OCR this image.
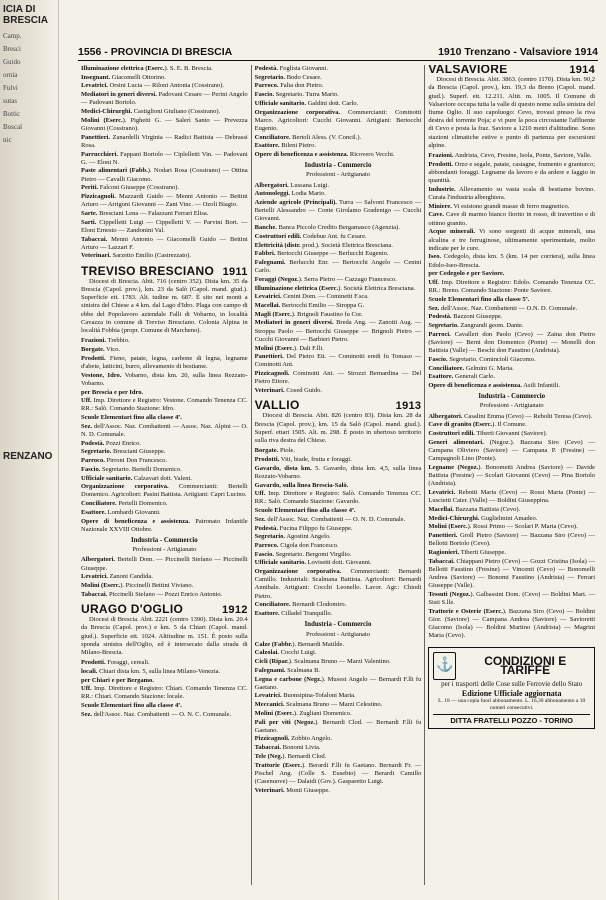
ICIA DI BRESCIA
Camp.
Bresci
Guido
ornia
Fulvi
sutas
Bottic
Boscal
nic
RENZANO
1556 - PROVINCIA DI BRESCIA	1910 Trenzano - Valsaviore 1914
Illuminazione elettrica (Eserc.). S. E. B. Brescia.
Insegnant. Giacomelli Ottorino.
Levatrici. Orsini Lucia — Riloni Antonia (Cossirano).
Mediatori in generi diversi. Padovani Cesare — Perini Angelo — Padovani Bortolo.
Medici-Chirurghi. Castiglioni Giuliano (Cossirano).
Molini (Eserc.). Pighetti G. — Salerì Santo — Prevezza Giovanni (Cossirano).
Panettieri. Zanardelli Virginia — Radici Battista — Debrassi Rosa.
Parrucchieri. Fappani Bortolo — Ciplelletti Vin. — Padovani G. — Eloni N.
Paste alimentari (Fabb.). Nodari Rosa (Cossirano) — Ottina Pietro — Cavalli Giacomo.
Periti. Falconi Giuseppe (Cossirano).
Pizzicagnoli. Mazzardi Guido — Menni Antonio — Bettini Arturo — Arrigoni Giovanni — Zani Vinc. — Ozoli Biagio.
Sarte. Bresciani Lena — Falazzani Ferrari Elisa.
Sarti. Cippelletti Luigi — Cippelletti V. — Parvini Bort. — Eloni Ernesto — Zandonini Val.
Tabaccai. Menni Antonio — Giacomelli Guido — Bettini Arturo — Lazzari F.
Veterinari. Sarzetto Emilio (Castrezzato).
TREVISO BRESCIANO 1911
Diocesi di Brescia. Abit. 716 (centro 352). Dista km. 35 da Brescia (Capol. prov.), km. 23 da Salò (Capol. mand. giud.). Superficie ett. 1783. Alt. tudine m. 687. È sito nei monti a sinistra del Chiese a 4 km. dal Lago d'Idro. Plaga con campo di ebbe del Popolavoro aziendale Falli di Vobarno, in località Cavazza in comune di Treviso Bresciano. Colonia Alpina in località Fobbia (propr. Comune di Marcheno).
Frazioni. Trebbio.
Borgate. Vico.
Prodotti. Fieno, patate, legna, carbone di legna, legname d'abete, latticini, burro, allevamento di bestiame.
Vestone, Idro. Vobarno, dista km. 20, sulla linea Rezzato-Vobarno.
per Brescia e per Idro.
Uff. Imp. Direttore e Registro: Vestone. Comando Tenenza CC. RR.: Salò. Comando Stazione: Idro.
Scuole Elementari fino alla classe 4ª.
Sez. dell'Assoc. Naz. Combattenti — Assoc. Naz. Alpini — O. N. D. Comunale.
Podestà. Pozzi Enrico.
Segretario. Bresciani Giuseppe.
Parroco. Pirroni Don Francesco.
Fascio. Segretario. Bertelli Domenico.
Ufficiale sanitario. Calzavari dott. Valent.
Organizzazione corporativa. Commercianti: Bertelli Domenico. Agricoltori: Pasini Battista. Artigiani: Capri Lucino.
Conciliatore. Pertelli Domenico.
Esattore. Lombardi Giovanni.
Opere di beneficenza e assistenza. Patronato Infantile Nazionale XXVIII Ottobre.
Industria - Commercio
Professioni - Artigianato
Albergatori. Bertelli Dom. — Piccinelli Stefano — Piccinelli Giuseppe.
Levatrici. Zanoni Candida.
Molini (Eserc.). Piccinelli Bettini Viviano.
Tabaccai. Piccinelli Stefano — Pozzi Enrico Antonio.
URAGO D'OGLIO	1912
Diocesi di Brescia. Abit. 2221 (centro 1390). Dista km. 20.4 da Brescia (Capol. prov.) e km. 5 da Chiari (Capol. mand. giud.). Superficie ett. 1024. Altitudine m. 151. È posto sulla sponda sinistra dell'Oglio, ed è intersecato dalla strada di Milano-Brescia.
Prodotti. Foraggi, cereali.
locali. Chiari dista km. 5, sulla linea Milano-Venezia.
per Chiari e per Bergamo.
Uff. Imp. Direttore e Registro: Chiari. Comando Tenenza CC. RR.: Chiari. Comando Stazione: locale.
Scuole Elementari fino alla classe 4ª.
Sez. dell'Assoc. Naz. Combattenti — O. N. C. Comunale.
Podestà. Foglista Giovanni.
Segretario. Bodo Cesare.
Parroco. Falta don Pietro.
Fascio. Segretario. Turra Mario.
Ufficiale sanitario. Galdini dott. Carlo.
Organizzazione corporativa. Commercianti: Cominotti Marco. Agricoltori: Cucchi Giovanni. Artigiani: Bertocchi Eugenio.
Conciliatore. Bertoli Aless. (V. Concil.).
Esattore. Bileni Pietro.
Opere di beneficenza e assistenza. Ricovero Vecchi.
Industria - Commercio
Professioni - Artigianato
Albergatori. Lussana Luigi.
Autonoleggi. Lodia Mario.
Aziende agricole (Principali). Turra — Salvoni Francesco — Bertelli Alessandro — Conte Girolamo Gradenigo — Cucchi Giovanni.
Banche. Banca Piccolo Credito Bergamasco (Agenzia).
Costruttori edili. Codebue Ant. fu Cesare.
Elettricità (distr. prod.). Società Elettrica Bresciana.
Fabbri. Bertocchi Giuseppe — Berlucchi Eugenio.
Falegnami. Berlucchi Enr. — Bertocchi Angelo — Cenini Carlo.
Foraggi (Negoz.). Serra Pietro — Cazzago Francesco.
Illuminazione elettrica (Eserc.). Società Elettrica Bresciana.
Levatrici. Cenini Dom. — Cominetti F.sca.
Macellai. Bertocchi Emilio — Stroppa G.
Magli (Eserc.). Brignoli Faustino fu Cor.
Mediatori in generi diversi. Breda Ang. — Zanotti Aug. — Stroppa Paolo — Bertocchi Giuseppe — Brignoli Pietro — Cucchi Giovanni — Barbieri Pietro.
Molini (Eserc.). Dali F.lli.
Panettieri. Del Pietro Ett. — Cominotti eredi fu Tomaso — Cominotti Ant.
Pizzicagnoli. Cominotti Ant. — Strozzi Bernardina — Del Pietro Ettore.
Veterinari. Cosed Guido.
VALLIO	1913
Diocesi di Brescia. Abit. 826 (centro 83). Dista km. 28 da Brescia (Capol. prov.), km. 15 da Salò (Capol. mand. giud.). Superf. ettari 1505. Alt. m. 298. È posto in ubertoso territorio sulla riva destra del Chiese.
Borgate. Piole.
Prodotti. Viti, biade, frutta e foraggi.
Gavardo, dista km. 5. Gavardo, dista km. 4,5, sulla linea Rezzato-Vobarno.
Gavardo, sulla linea Brescia-Salò.
Uff. Imp. Direttore e Registro: Salò. Comando Tenenza CC. RR.: Salò. Comando Stazione: Gavardo.
Scuole Elementari fino alla classe 4ª.
Sez. dell'Assoc. Naz. Combattenti — O. N. D. Comunale.
Podestà. Fucina Filippo fu Giuseppe.
Segretario. Agostini Angelo.
Parroco. Cigola don Francesco.
Fascio. Segretario. Bergomi Virgilio.
Ufficiale sanitario. Lovisetti dott. Giovanni.
Organizzazione corporativa. Commercianti: Bernardi Camillo. Industriali: Scalmana Battista. Agricoltori: Bernardi Annibale. Artigiani: Cocchi Leonello. Lavor. Agr.: Chiodi Pietro.
Conciliatore. Bernardi Clodomiro.
Esattore. Cilladel Tranquillo.
Industria - Commercio
Professioni - Artigianato
Calze (Fabbr.). Bernardi Matilde.
Calzolai. Cocchi Luigi.
Cicli (Ripar.). Scalmana Bruno — Marzi Valentino.
Falegnami. Scalmana B.
Legna e carbone (Negz.). Musest Angelo — Bernardi F.lli fu Gaetano.
Levatrici. Buonsipina-Tofaloni Maria.
Meccanici. Scalmana Bruno — Marzi Celestino.
Molini (Eserc.). Zugliani Domenico.
Pali per viti (Negoz.). Bernardi Clod. — Bernardi F.lli fu Gaetano.
Pizzicagnoli. Zobbio Angelo.
Tabaccai. Bonomi Livia.
Tele (Neg.). Bernardi Clod.
Trattorie (Eserc.). Berardi F.lli fu Gaetano. Bernardi Fr. — Pischel Ang. (Colle S. Eusebio) — Berardi Camillo (Casenuove) — Dalaidi (Gov.). Gasparetto Luigi.
Veterinari. Monti Giuseppe.
VALSAVIORE	1914
Diocesi di Brescia. Abit. 3863. (centro 1170). Dista km. 90,2 da Brescia (Capol. prov.), km. 19,3 da Breno (Capol. mand. giud.). Superf. ett. 12.211. Altit. m. 1005. Il Comune di Valsaviore occupa tutta la valle di questo nome sulla sinistra del fiume Oglio. Il suo capoluogo: Cevo, trovasi presso la riva destra del torrente Poja; e vi pure la poca circostante l'affluente di Cevo e posta la fraz. Saviore a 1210 metri d'altitudine. Sono stazioni climatiche estive e punto di partenza per escursioni alpine.
Frazioni. Andrista, Cevo, Fresine, Isola, Ponte, Saviore, Valle.
Prodotti. Orzo e segale, patate, castagne, frumento e granturco; abbondanti foraggi. Legname da lavoro e da ardere e faggio in quantità.
Industrie. Allevamento su vasta scala di bestiame bovino. Curata l'industria alberghiera.
Miniere. Vi esistono grandi masse di ferro magnetico.
Cave. Cave di marmo bianco fiorito in rosso, di travertino e di ottimo granito.
Acque minerali. Vi sono sorgenti di acque minerali, una alcalina e tre ferruginose, ultimamente sperimentate, molto indicate per le cure.
Iseo. Cedegolo, dista km. 5 (km. 14 per corriera), sulla linea Edolo-Iseo-Brescia.
per Cedegolo e per Saviore.
Uff. Imp. Direttore e Registro: Edolo. Comando Tenenza CC. RR.: Breno. Comando Stazione: Ponte Saviore.
Scuole Elementari fino alla classe 5ª.
Sez. dell'Assoc. Naz. Combattenti — O.N. D. Comunale.
Podestà. Bazzoni Giuseppe.
Segretario. Zangrandi geom. Dante.
Parroci. Cavalleri don Paolo (Cevo) — Zaina don Pietro (Saviore) — Berni don Domenico (Ponte) — Monelli don Battista (Valle) — Beschi don Faustino (Andrista).
Fascio. Segretario. Cominciolì Giacomo.
Conciliatore. Gelmini G. Maria.
Esattore. Generali Carlo.
Opere di beneficenza e assistenza. Asili Infantili.
Industria - Commercio
Professioni - Artigianato
Albergatori. Casalini Emma (Cevo) — Rebolti Teresa (Cevo).
Cave di granito (Eserc.). Il Comune.
Costruttori edili. Tiberti Giovanni (Saviore).
Generi alimentari. (Negoz.). Bazzana Siro (Cevo) — Campana Oliviero (Saviore) — Campana P. (Fresine) — Campagnoli Lino (Ponte).
Legname (Negoz.). Bonometti Andrea (Saviore) — Davide Battista (Fresine) — Scolari Giovanni (Cevo) — Pina Bortolo (Andrista).
Levatrici. Rebotti Maria (Cevo) — Rossi Marta (Ponte) — Luscietti Cater. (Valle) — Boldini Giuseppina.
Macellai. Bazzana Battista (Cevo).
Medici-Chirurghi. Guglielmini Amadeo.
Molini (Eserc.). Rossi Primo — Scolari P. Maria (Cevo).
Panettieri. Groll Pietro (Saviore) — Bazzana Siro (Cevo) — Bellotti Bortolo (Cevo).
Ragionieri. Tiberti Giuseppe.
Tabaccai. Chiappani Pietro (Cevo) — Gozzi Cristina (Isola) — Bellotti Faustino (Fresine) — Vincenti (Cevo) — Bonomelli Andrea (Saviore) — Bonomi Faustino (Andrista) — Ferrari Giuseppe (Valle).
Tessuti (Negoz.). Galbassini Dom. (Cevo) — Boldini Mart. — Sisti S.lle.
Trattorie e Osterie (Eserc.). Bazzana Siro (Cevo) — Boldini Gior. (Saviore) — Campana Andrea (Saviore) — Savioretti Giacomo (Isola) — Boldini Martino (Andrista) — Magrini Maria (Cevo).
⚓	CONDIZIONI E TARIFFE
per i trasporti delle Cose sulle Ferrovie dello Stato
Edizione Ufficiale aggiornata
L. 18 — una copia fuori abbonamento. L. 16,30 abbonamento a 10 numeri consecutivi.
DITTA FRATELLI POZZO - TORINO
